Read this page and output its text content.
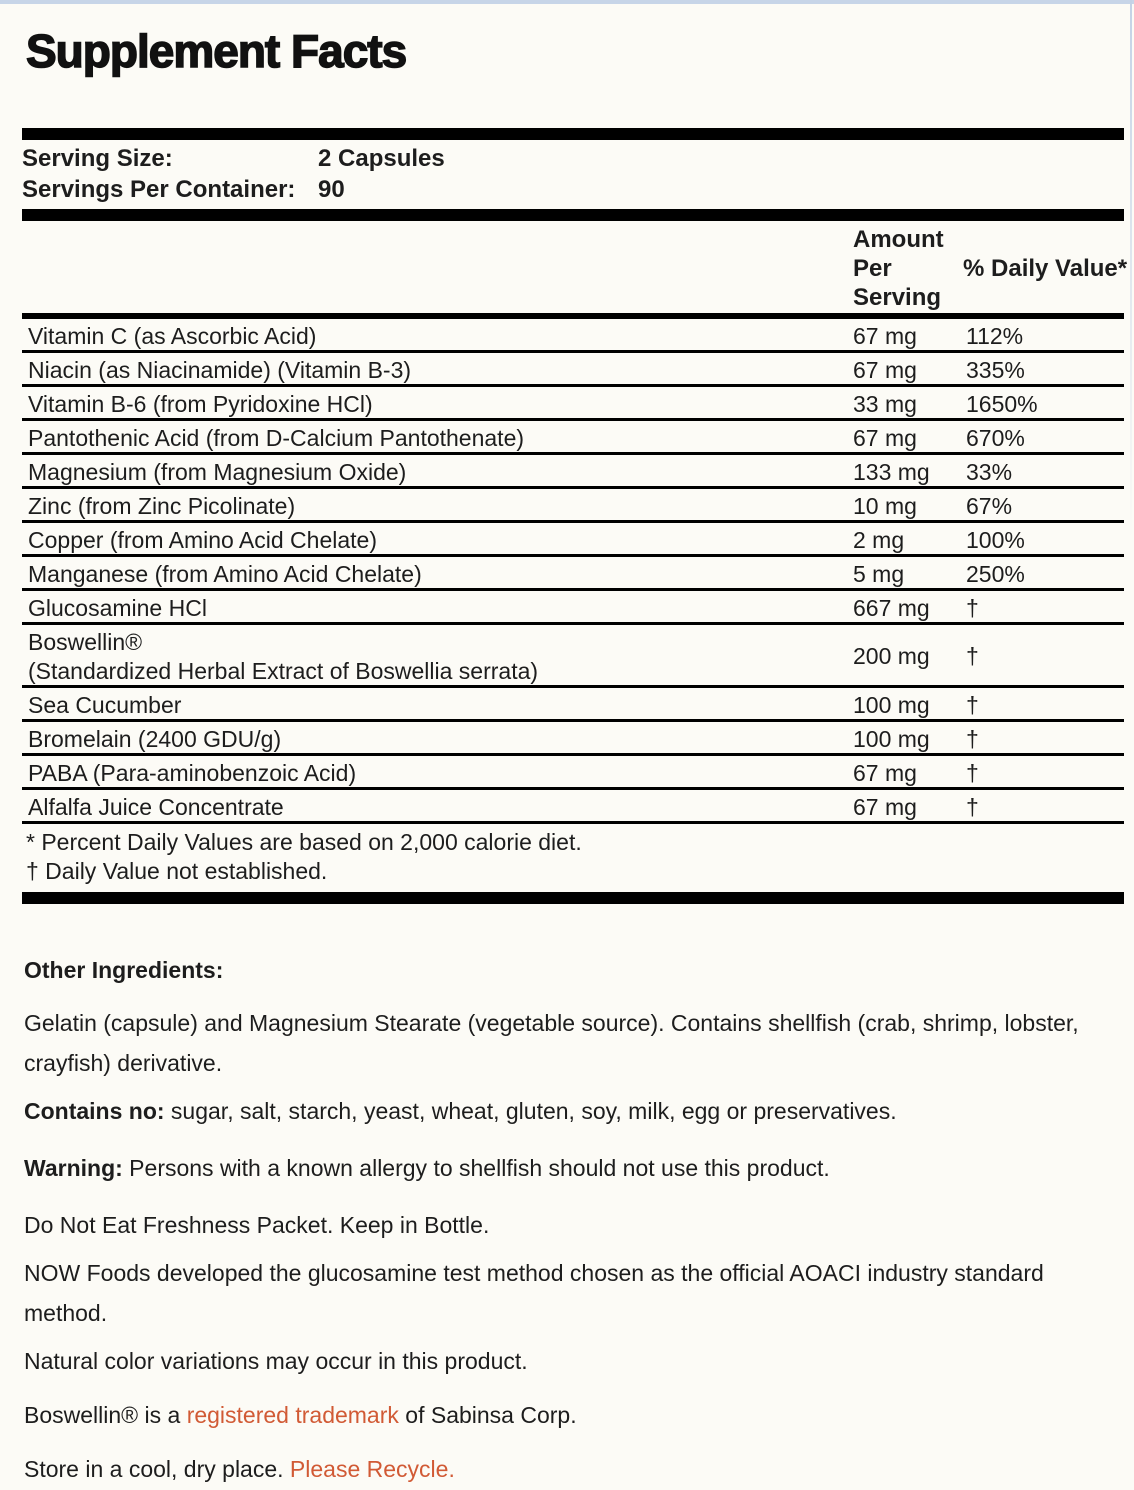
Supplement Facts
Serving Size:	2 Capsules
Servings Per Container: 90
Amount
Per
Serving
% Daily Value*
Vitamin C (as Ascorbic Acid)	67 mg 112%
Niacin (as Niacinamide) (Vitamin B-3)	67 mg 335%
Vitamin B-6 (from Pyridoxine HCl)	33 mg 1650%
Pantothenic Acid (from D-Calcium Pantothenate)	67 mg 670%
Magnesium (from Magnesium Oxide)	133 mg 33%
Zinc (from Zinc Picolinate)	10 mg 67%
Copper (from Amino Acid Chelate)	2 mg	100%
Manganese (from Amino Acid Chelate)	5 mg	250%
Glucosamine HCl	667 mg †
Boswellin®
(Standardized Herbal Extract of Boswellia serrata)
200 mg †
Sea Cucumber	100 mg †
Bromelain (2400 GDU/g)	100 mg †
PABA (Para-aminobenzoic Acid)	67 mg †
Alfalfa Juice Concentrate	67 mg †
* Percent Daily Values are based on 2,000 calorie diet.
† Daily Value not established.
Other Ingredients:
Gelatin (capsule) and Magnesium Stearate (vegetable source). Contains shellfish (crab, shrimp, lobster, crayfish) derivative.
Contains no: sugar, salt, starch, yeast, wheat, gluten, soy, milk, egg or preservatives.
Warning: Persons with a known allergy to shellfish should not use this product.
Do Not Eat Freshness Packet. Keep in Bottle.
NOW Foods developed the glucosamine test method chosen as the official AOACI industry standard method.
Natural color variations may occur in this product.
Boswellin® is a registered trademark of Sabinsa Corp.
Store in a cool, dry place. Please Recycle.
